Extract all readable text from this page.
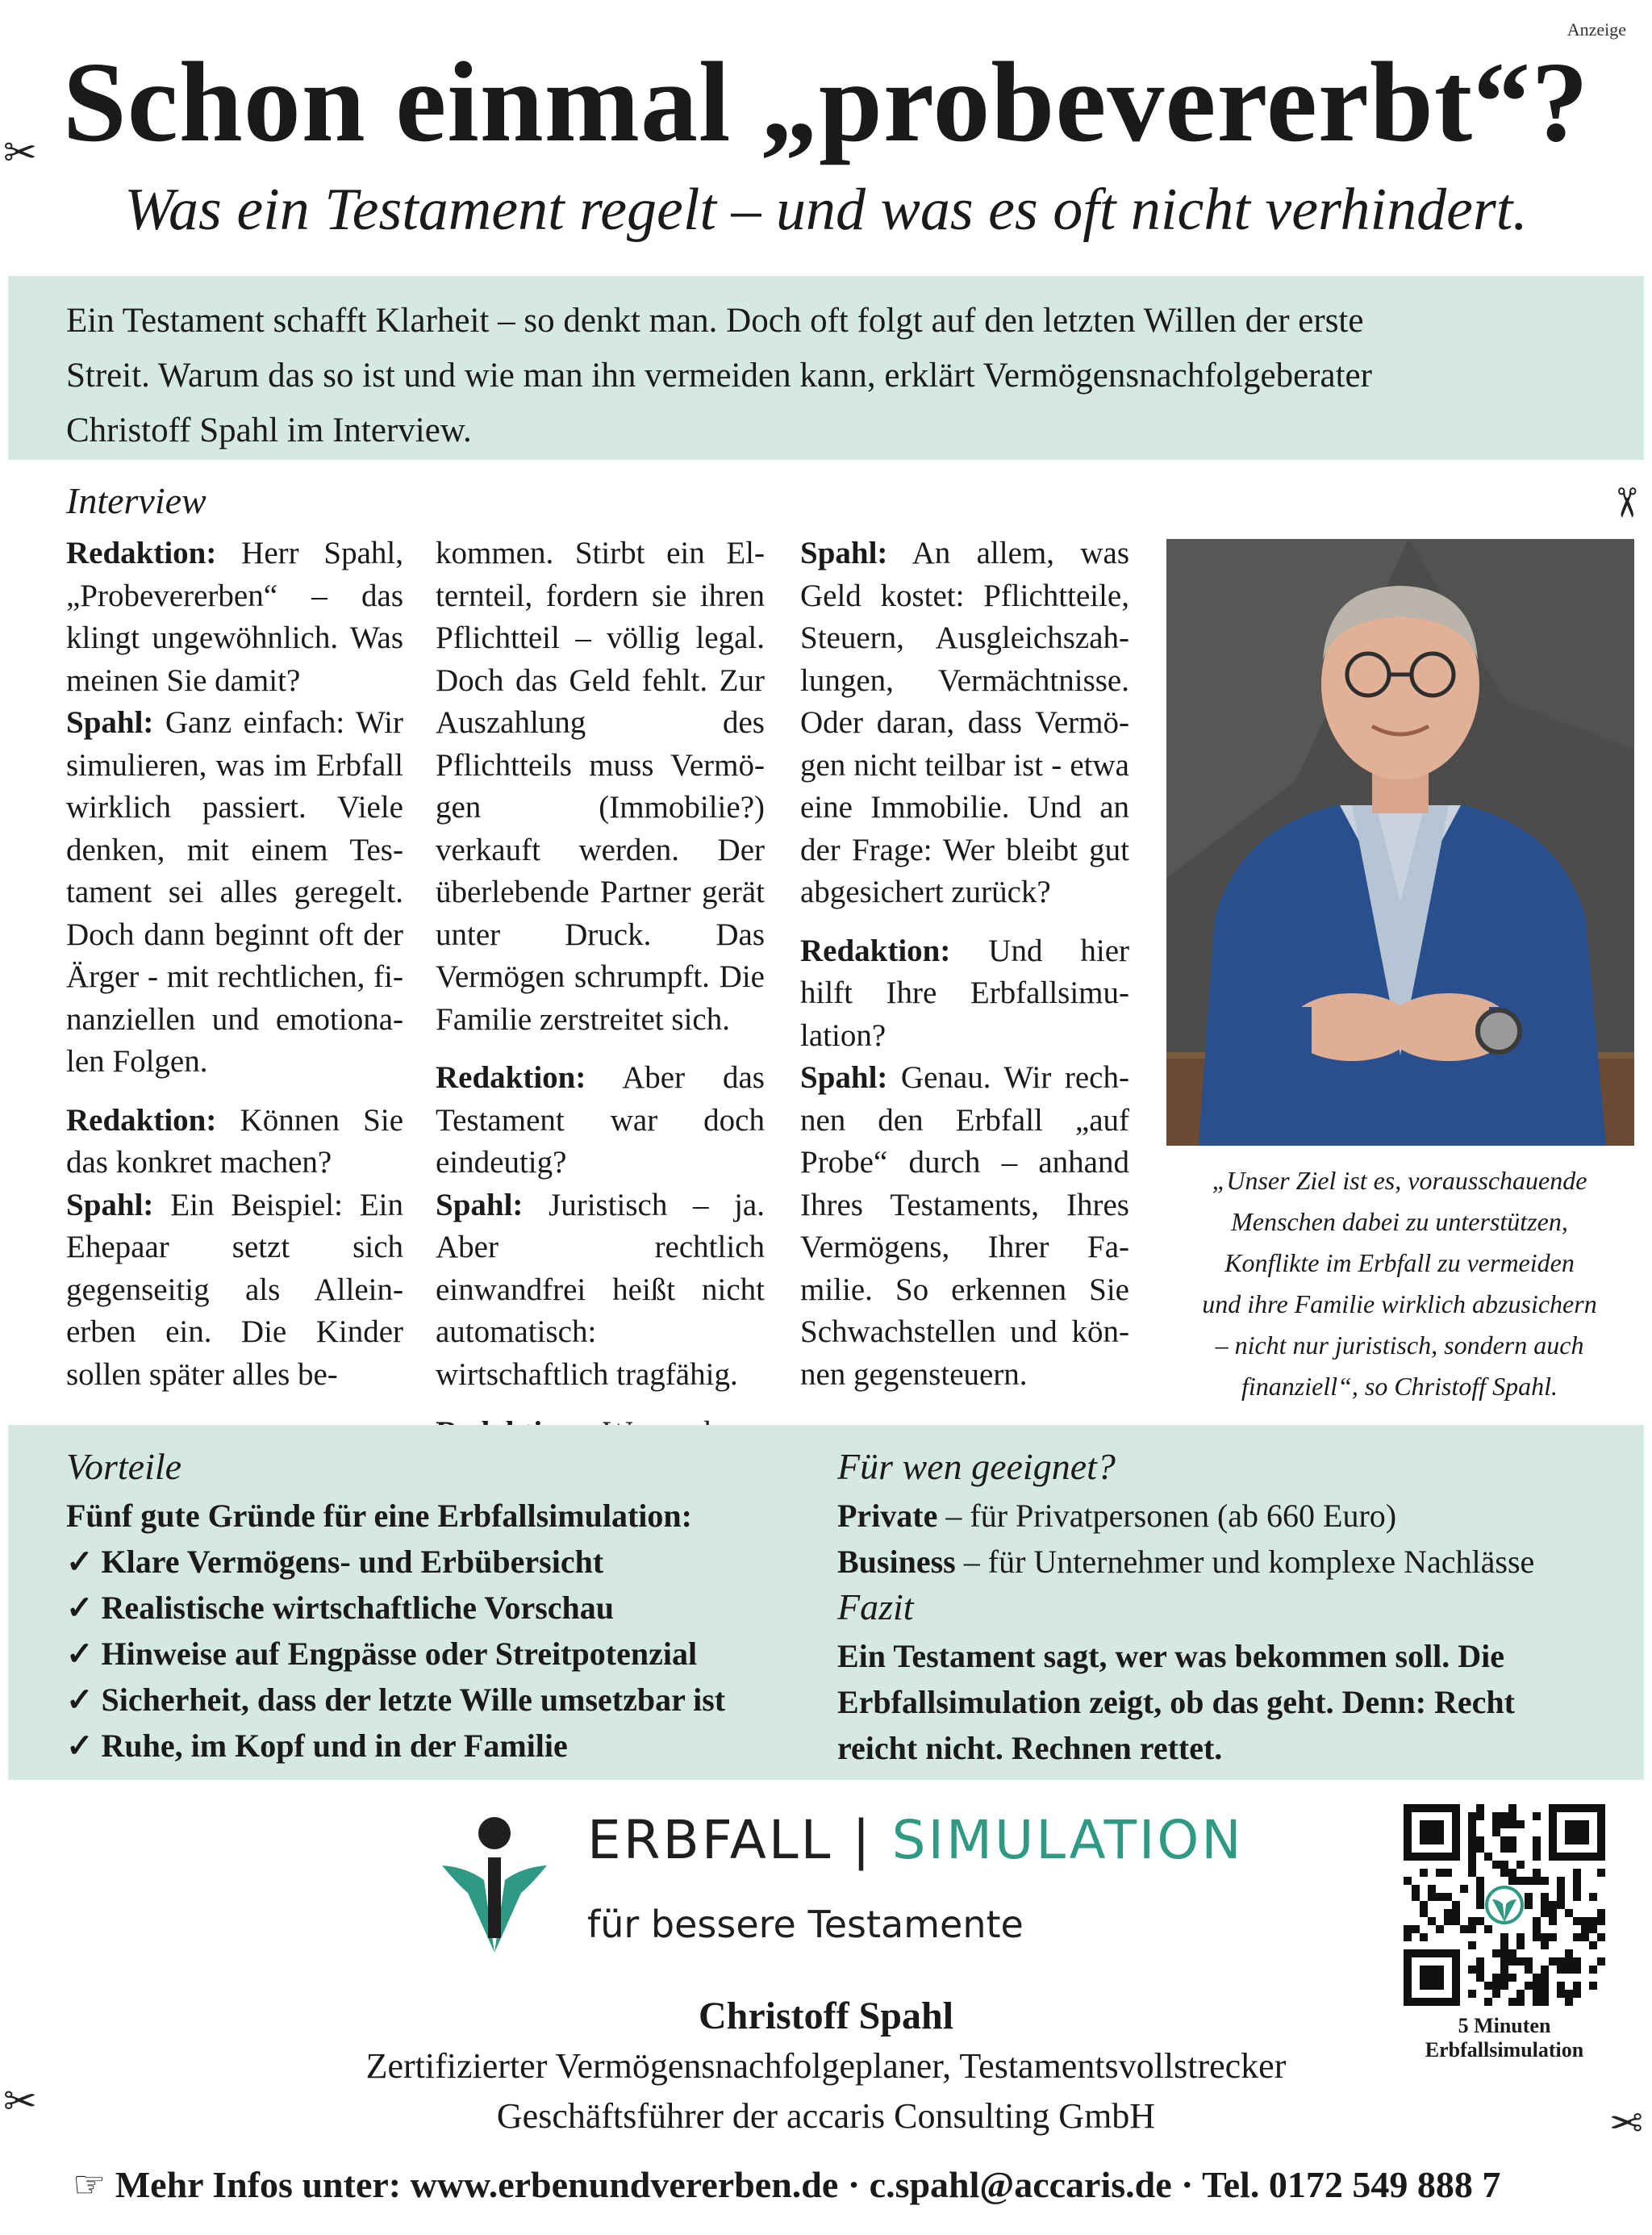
Anzeige
Schon einmal „probevererbt“?
Was ein Testament regelt – und was es oft nicht verhindert.
✂
✂
✂	✂
Ein Testament schafft Klarheit – so denkt man. Doch oft folgt auf den letzten Willen der erste
Streit. Warum das so ist und wie man ihn vermeiden kann, erklärt Vermögensnachfolgeberater
Christoff Spahl im Interview.
Interview

Redaktion: Herr Spahl, „Probevererben“ – das klingt ungewöhnlich. Was meinen Sie damit?

Spahl: Ganz einfach: Wir simulieren, was im Erbfall wirklich passiert. Viele denken, mit einem Testament sei alles geregelt. Doch dann beginnt oft der Ärger - mit rechtlichen, finanziellen und emotionalen Folgen.

Redaktion: Können Sie das konkret machen?

Spahl: Ein Beispiel: Ein Ehepaar setzt sich gegenseitig als Alleinerben ein. Die Kinder sollen später alles be-

kommen. Stirbt ein Elternteil, fordern sie ihren Pflichtteil – völlig legal. Doch das Geld fehlt. Zur Auszahlung des Pflichtteils muss Vermögen (Immobilie?) verkauft werden. Der überlebende Partner gerät unter Druck. Das Vermögen schrumpft. Die Familie zerstreitet sich.

Redaktion: Aber das Testament war doch eindeutig?

Spahl: Juristisch – ja. Aber rechtlich einwandfrei heißt nicht automatisch: wirtschaftlich tragfähig.

Spahl: An allem, was Geld kostet: Pflichtteile, Steuern, Ausgleichszahlungen, Vermächtnisse. Oder daran, dass Vermögen nicht teilbar ist - etwa eine Immobilie. Und an der Frage: Wer bleibt gut abgesichert zurück?

Redaktion: Und hier hilft Ihre Erbfallsimulation?

Spahl: Genau. Wir rechnen den Erbfall „auf Probe“ durch – anhand Ihres Testaments, Ihres Vermögens, Ihrer Familie. So erkennen Sie Schwachstellen und können gegensteuern.

„Unser Ziel ist es, vorausschauende
Menschen dabei zu unterstützen,
Konflikte im Erbfall zu vermeiden
und ihre Familie wirklich abzusichern
– nicht nur juristisch, sondern auch
finanziell“, so Christoff Spahl.
Vorteile
Fünf gute Gründe für eine Erbfallsimulation:
✓ Klare Vermögens- und Erbübersicht
✓ Realistische wirtschaftliche Vorschau
✓ Hinweise auf Engpässe oder Streitpotenzial
✓ Sicherheit, dass der letzte Wille umsetzbar ist
✓ Ruhe, im Kopf und in der Familie
Für wen geeignet?
Private – für Privatpersonen (ab 660 Euro)
Business – für Unternehmer und komplexe Nachlässe
Fazit
Ein Testament sagt, wer was bekommen soll. Die
Erbfallsimulation zeigt, ob das geht. Denn: Recht
reicht nicht. Rechnen rettet.
ERBFALL | SIMULATION
für bessere Testamente
5 Minuten
Erbfallsimulation
Christoff Spahl
Zertifizierter Vermögensnachfolgeplaner, Testamentsvollstrecker
Geschäftsführer der accaris Consulting GmbH
☞ Mehr Infos unter: www.erbenundvererben.de · c.spahl@accaris.de · Tel. 0172 549 888 7
